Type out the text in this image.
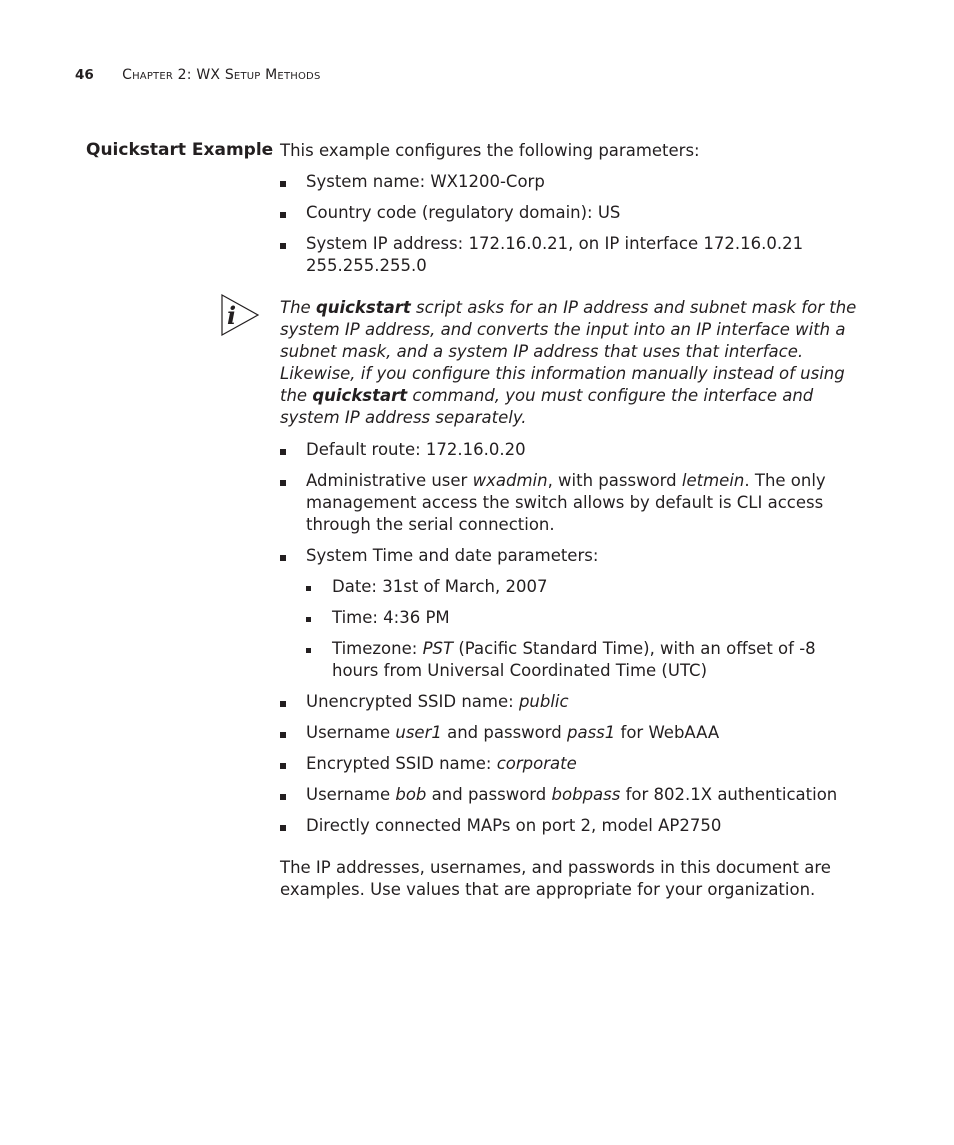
46 Chapter 2: WX Setup Methods
Quickstart Example This example configures the following parameters:

System name: WX1200-Corp
Country code (regulatory domain): US
System IP address: 172.16.0.21, on IP interface 172.16.0.21 255.255.255.0
i	The quickstart script asks for an IP address and subnet mask for the system IP address, and converts the input into an IP interface with a subnet mask, and a system IP address that uses that interface. Likewise, if you configure this information manually instead of using the quickstart command, you must configure the interface and system IP address separately.

Default route: 172.16.0.20
Administrative user wxadmin, with password letmein. The only management access the switch allows by default is CLI access through the serial connection.
System Time and date parameters:
Date: 31st of March, 2007
Time: 4:36 PM
Timezone: PST (Pacific Standard Time), with an offset of -8 hours from Universal Coordinated Time (UTC)
Unencrypted SSID name: public
Username user1 and password pass1 for WebAAA
Encrypted SSID name: corporate
Username bob and password bobpass for 802.1X authentication
Directly connected MAPs on port 2, model AP2750

The IP addresses, usernames, and passwords in this document are examples. Use values that are appropriate for your organization.
